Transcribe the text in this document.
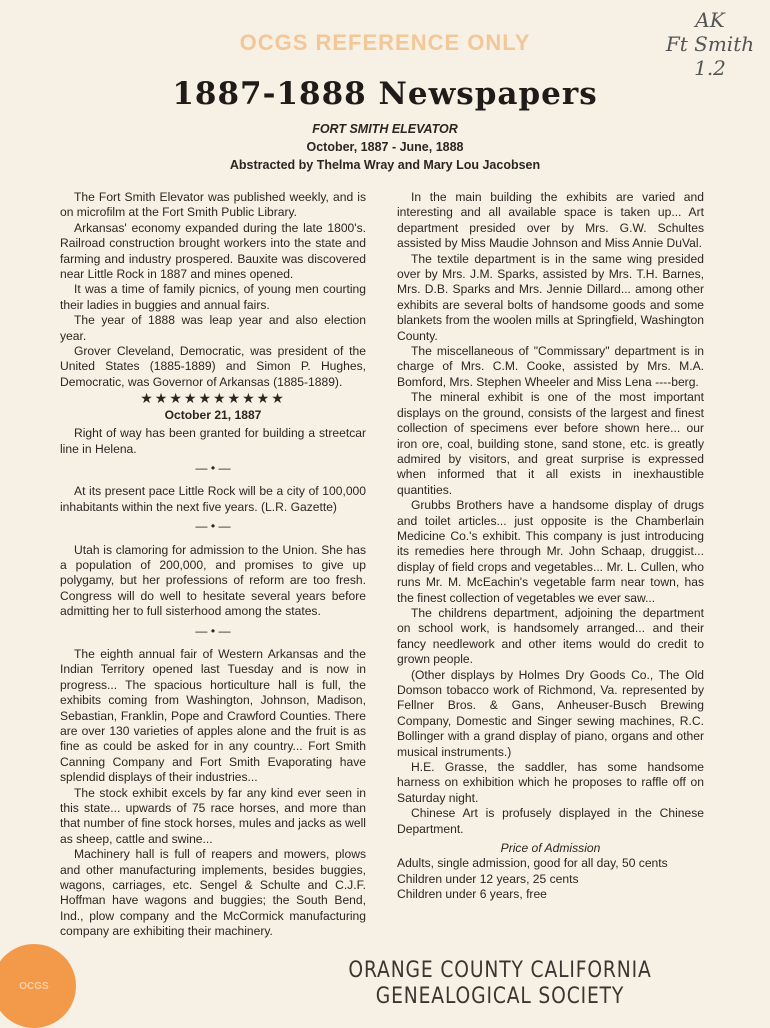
OCGS REFERENCE ONLY
AK
Ft Smith
1.2
1887-1888 Newspapers
FORT SMITH ELEVATOR
October, 1887 - June, 1888
Abstracted by Thelma Wray and Mary Lou Jacobsen

The Fort Smith Elevator was published weekly, and is on microfilm at the Fort Smith Public Library.

Arkansas' economy expanded during the late 1800's. Railroad construction brought workers into the state and farming and industry prospered. Bauxite was discovered near Little Rock in 1887 and mines opened.

It was a time of family picnics, of young men courting their ladies in buggies and annual fairs.

The year of 1888 was leap year and also election year.

Grover Cleveland, Democratic, was president of the United States (1885-1889) and Simon P. Hughes, Democratic, was Governor of Arkansas (1885-1889).

★★★★★★★★★★
October 21, 1887

Right of way has been granted for building a streetcar line in Helena.

— • —

At its present pace Little Rock will be a city of 100,000 inhabitants within the next five years. (L.R. Gazette)

— • —

Utah is clamoring for admission to the Union. She has a population of 200,000, and promises to give up polygamy, but her professions of reform are too fresh. Congress will do well to hesitate several years before admitting her to full sisterhood among the states.

— • —

The eighth annual fair of Western Arkansas and the Indian Territory opened last Tuesday and is now in progress... The spacious horticulture hall is full, the exhibits coming from Washington, Johnson, Madison, Sebastian, Franklin, Pope and Crawford Counties. There are over 130 varieties of apples alone and the fruit is as fine as could be asked for in any country... Fort Smith Canning Company and Fort Smith Evaporating have splendid displays of their industries...

The stock exhibit excels by far any kind ever seen in this state... upwards of 75 race horses, and more than that number of fine stock horses, mules and jacks as well as sheep, cattle and swine...

Machinery hall is full of reapers and mowers, plows and other manufacturing implements, besides buggies, wagons, carriages, etc. Sengel & Schulte and C.J.F. Hoffman have wagons and buggies; the South Bend, Ind., plow company and the McCormick manufacturing company are exhibiting their machinery.

In the main building the exhibits are varied and interesting and all available space is taken up... Art department presided over by Mrs. G.W. Schultes assisted by Miss Maudie Johnson and Miss Annie DuVal.

The textile department is in the same wing presided over by Mrs. J.M. Sparks, assisted by Mrs. T.H. Barnes, Mrs. D.B. Sparks and Mrs. Jennie Dillard... among other exhibits are several bolts of handsome goods and some blankets from the woolen mills at Springfield, Washington County.

The miscellaneous of "Commissary" department is in charge of Mrs. C.M. Cooke, assisted by Mrs. M.A. Bomford, Mrs. Stephen Wheeler and Miss Lena ----berg.

The mineral exhibit is one of the most important displays on the ground, consists of the largest and finest collection of specimens ever before shown here... our iron ore, coal, building stone, sand stone, etc. is greatly admired by visitors, and great surprise is expressed when informed that it all exists in inexhaustible quantities.

Grubbs Brothers have a handsome display of drugs and toilet articles... just opposite is the Chamberlain Medicine Co.'s exhibit. This company is just introducing its remedies here through Mr. John Schaap, druggist... display of field crops and vegetables... Mr. L. Cullen, who runs Mr. M. McEachin's vegetable farm near town, has the finest collection of vegetables we ever saw...

The childrens department, adjoining the department on school work, is handsomely arranged... and their fancy needlework and other items would do credit to grown people.

(Other displays by Holmes Dry Goods Co., The Old Domson tobacco work of Richmond, Va. represented by Fellner Bros. & Gans, Anheuser-Busch Brewing Company, Domestic and Singer sewing machines, R.C. Bollinger with a grand display of piano, organs and other musical instruments.)

H.E. Grasse, the saddler, has some handsome harness on exhibition which he proposes to raffle off on Saturday night.

Chinese Art is profusely displayed in the Chinese Department.

Price of Admission

Adults, single admission, good for all day, 50 cents

Children under 12 years, 25 cents

Children under 6 years, free

ORANGE COUNTY CALIFORNIA
GENEALOGICAL SOCIETY
OCGS
